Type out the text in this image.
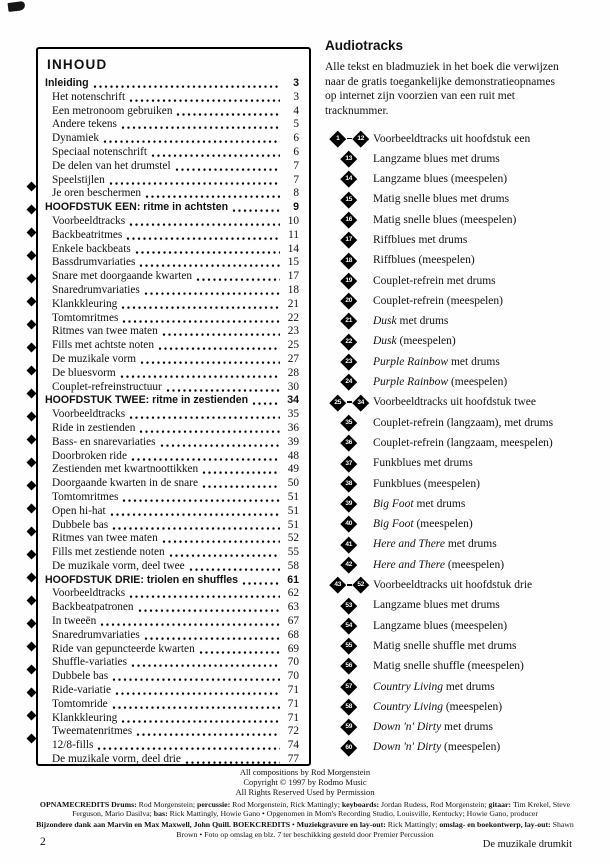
INHOUD
Inleiding	3
Het notenschrift	3
Een metronoom gebruiken	4
Andere tekens	5
Dynamiek	6
Speciaal notenschrift	6
De delen van het drumstel	7
Speelstijlen	7
Je oren beschermen	8
HOOFDSTUK EEN: ritme in achtsten	9
Voorbeeldtracks	10
Backbeatritmes	11
Enkele backbeats	14
Bassdrumvariaties	15
Snare met doorgaande kwarten	17
Snaredrumvariaties	18
Klankkleuring	21
Tomtomritmes	22
Ritmes van twee maten	23
Fills met achtste noten	25
De muzikale vorm	27
De bluesvorm	28
Couplet-refreinstructuur	30
HOOFDSTUK TWEE: ritme in zestienden	34
Voorbeeldtracks	35
Ride in zestienden	36
Bass- en snarevariaties	39
Doorbroken ride	48
Zestienden met kwartnoottikken	49
Doorgaande kwarten in de snare	50
Tomtomritmes	51
Open hi-hat	51
Dubbele bas	51
Ritmes van twee maten	52
Fills met zestiende noten	55
De muzikale vorm, deel twee	58
HOOFDSTUK DRIE: triolen en shuffles	61
Voorbeeldtracks	62
Backbeatpatronen	63
In tweeën	67
Snaredrumvariaties	68
Ride van gepuncteerde kwarten	69
Shuffle-variaties	70
Dubbele bas	70
Ride-variatie	71
Tomtomride	71
Klankkleuring	71
Tweematenritmes	72
12/8-fills	74
De muzikale vorm, deel drie	77
Audiotracks

Alle tekst en bladmuziek in het boek die verwijzen naar de gratis toegankelijke demonstratieopnames op internet zijn voorzien van een ruit met tracknummer.

1	12 Voorbeeldtracks uit hoofdstuk een
13 Langzame blues met drums
14 Langzame blues (meespelen)
15 Matig snelle blues met drums
16 Matig snelle blues (meespelen)
17 Riffblues met drums
18 Riffblues (meespelen)
19 Couplet-refrein met drums
20 Couplet-refrein (meespelen)
21 Dusk met drums
22 Dusk (meespelen)
23 Purple Rainbow met drums
24 Purple Rainbow (meespelen)
25	34 Voorbeeldtracks uit hoofdstuk twee
35 Couplet-refrein (langzaam), met drums
36 Couplet-refrein (langzaam, meespelen)
37 Funkblues met drums
38 Funkblues (meespelen)
39 Big Foot met drums
40 Big Foot (meespelen)
41 Here and There met drums
42 Here and There (meespelen)
43	52 Voorbeeldtracks uit hoofdstuk drie
53 Langzame blues met drums
54 Langzame blues (meespelen)
55 Matig snelle shuffle met drums
56 Matig snelle shuffle (meespelen)
57 Country Living met drums
58 Country Living (meespelen)
59 Down 'n' Dirty met drums
60 Down 'n' Dirty (meespelen)
All compositions by Rod Morgenstein
Copyright © 1997 by Rodmo Music
All Rights Reserved Used by Permission

OPNAMECREDITS Drums: Rod Morgenstein; percussie: Rod Morgenstein, Rick Mattingly; keyboards: Jordan Rudess, Rod Morgenstein; gitaar: Tim Krekel, Steve Ferguson, Mario Dasilva; bas: Rick Mattingly, Howie Gano • Opgenomen in Mom's Recording Studio, Louisville, Kentucky; Howie Gano, producer

Bijzondere dank aan Marvin en Max Maxwell, John Quill. BOEKCREDITS • Muziekgravure en lay-out: Rick Mattingly; omslag- en boekontwerp, lay-out: Shawn Brown • Foto op omslag en blz. 7 ter beschikking gesteld door Premier Percussion

2	De muzikale drumkit
